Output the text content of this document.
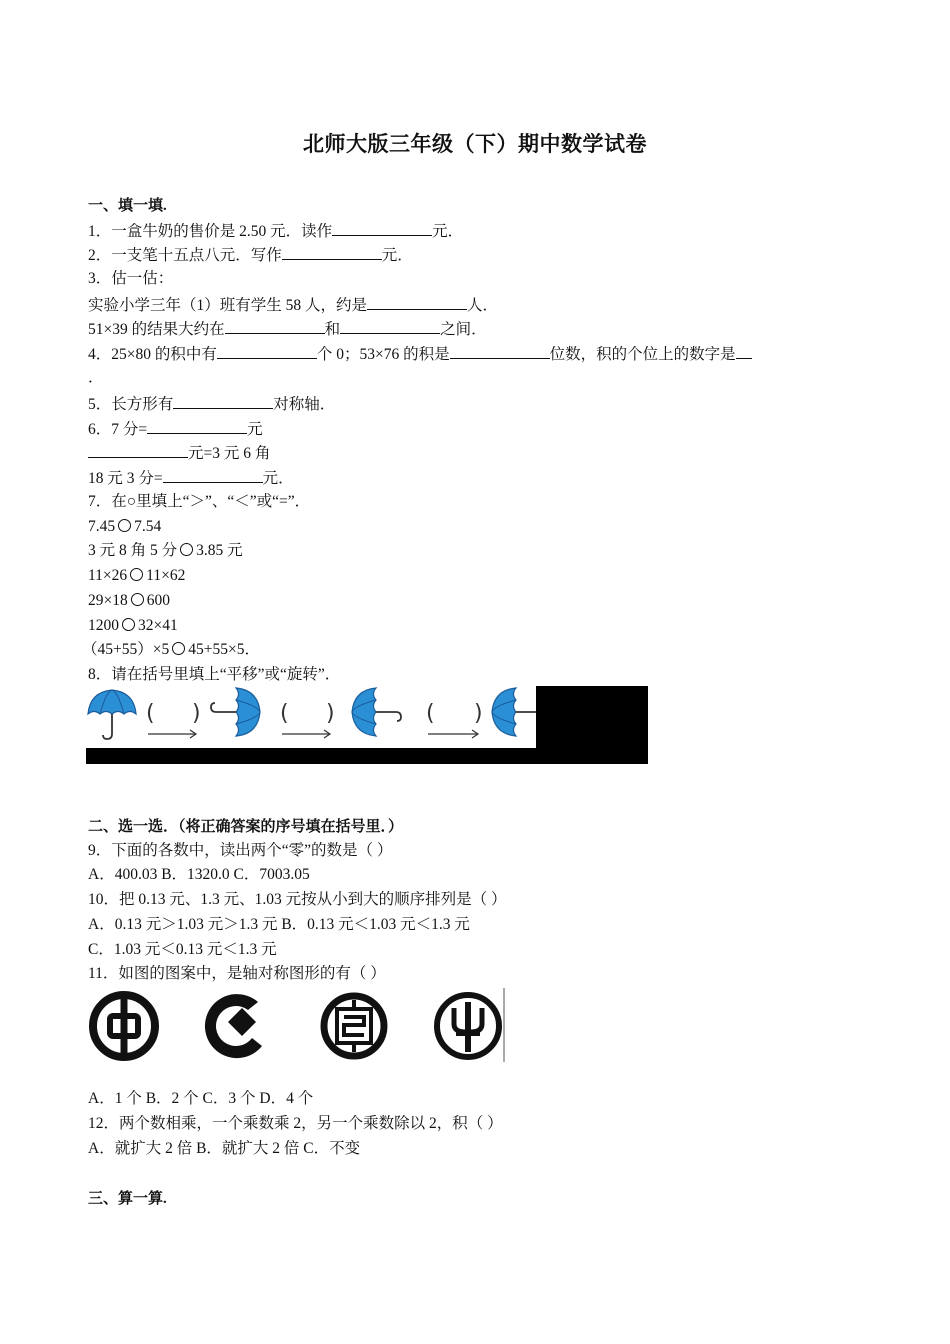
北师大版三年级（下）期中数学试卷
一、填一填.
1．一盒牛奶的售价是 2.50 元．读作	元．
2．一支笔十五点八元．写作	元．
3．估一估：
实验小学三年（1）班有学生 58 人，约是	人．
51×39 的结果大约在	和	之间．
4．25×80 的积中有	个 0；53×76 的积是	位数，积的个位上的数字是
．
5．长方形有	对称轴．
6．7 分=	元
元=3 元 6 角
18 元 3 分=	元．
7．在○里填上“＞”、“＜”或“=”．
7.45 7.54
3 元 8 角 5 分 3.85 元
11×26 11×62
29×18 600
1200 32×41
（45+55）×5 45+55×5．
8．请在括号里填上“平移”或“旋转”．
( )	( )	( )
二、选一选．（将正确答案的序号填在括号里．）
9．下面的各数中，读出两个“零”的数是（ ）
A．400.03 B．1320.0 C．7003.05
10．把 0.13 元、1.3 元、1.03 元按从小到大的顺序排列是（ ）
A．0.13 元＞1.03 元＞1.3 元 B．0.13 元＜1.03 元＜1.3 元
C．1.03 元＜0.13 元＜1.3 元
11．如图的图案中，是轴对称图形的有（ ）
A．1 个 B．2 个 C．3 个 D．4 个
12．两个数相乘，一个乘数乘 2，另一个乘数除以 2，积（ ）
A．就扩大 2 倍 B．就扩大 2 倍 C．不变
三、算一算.
